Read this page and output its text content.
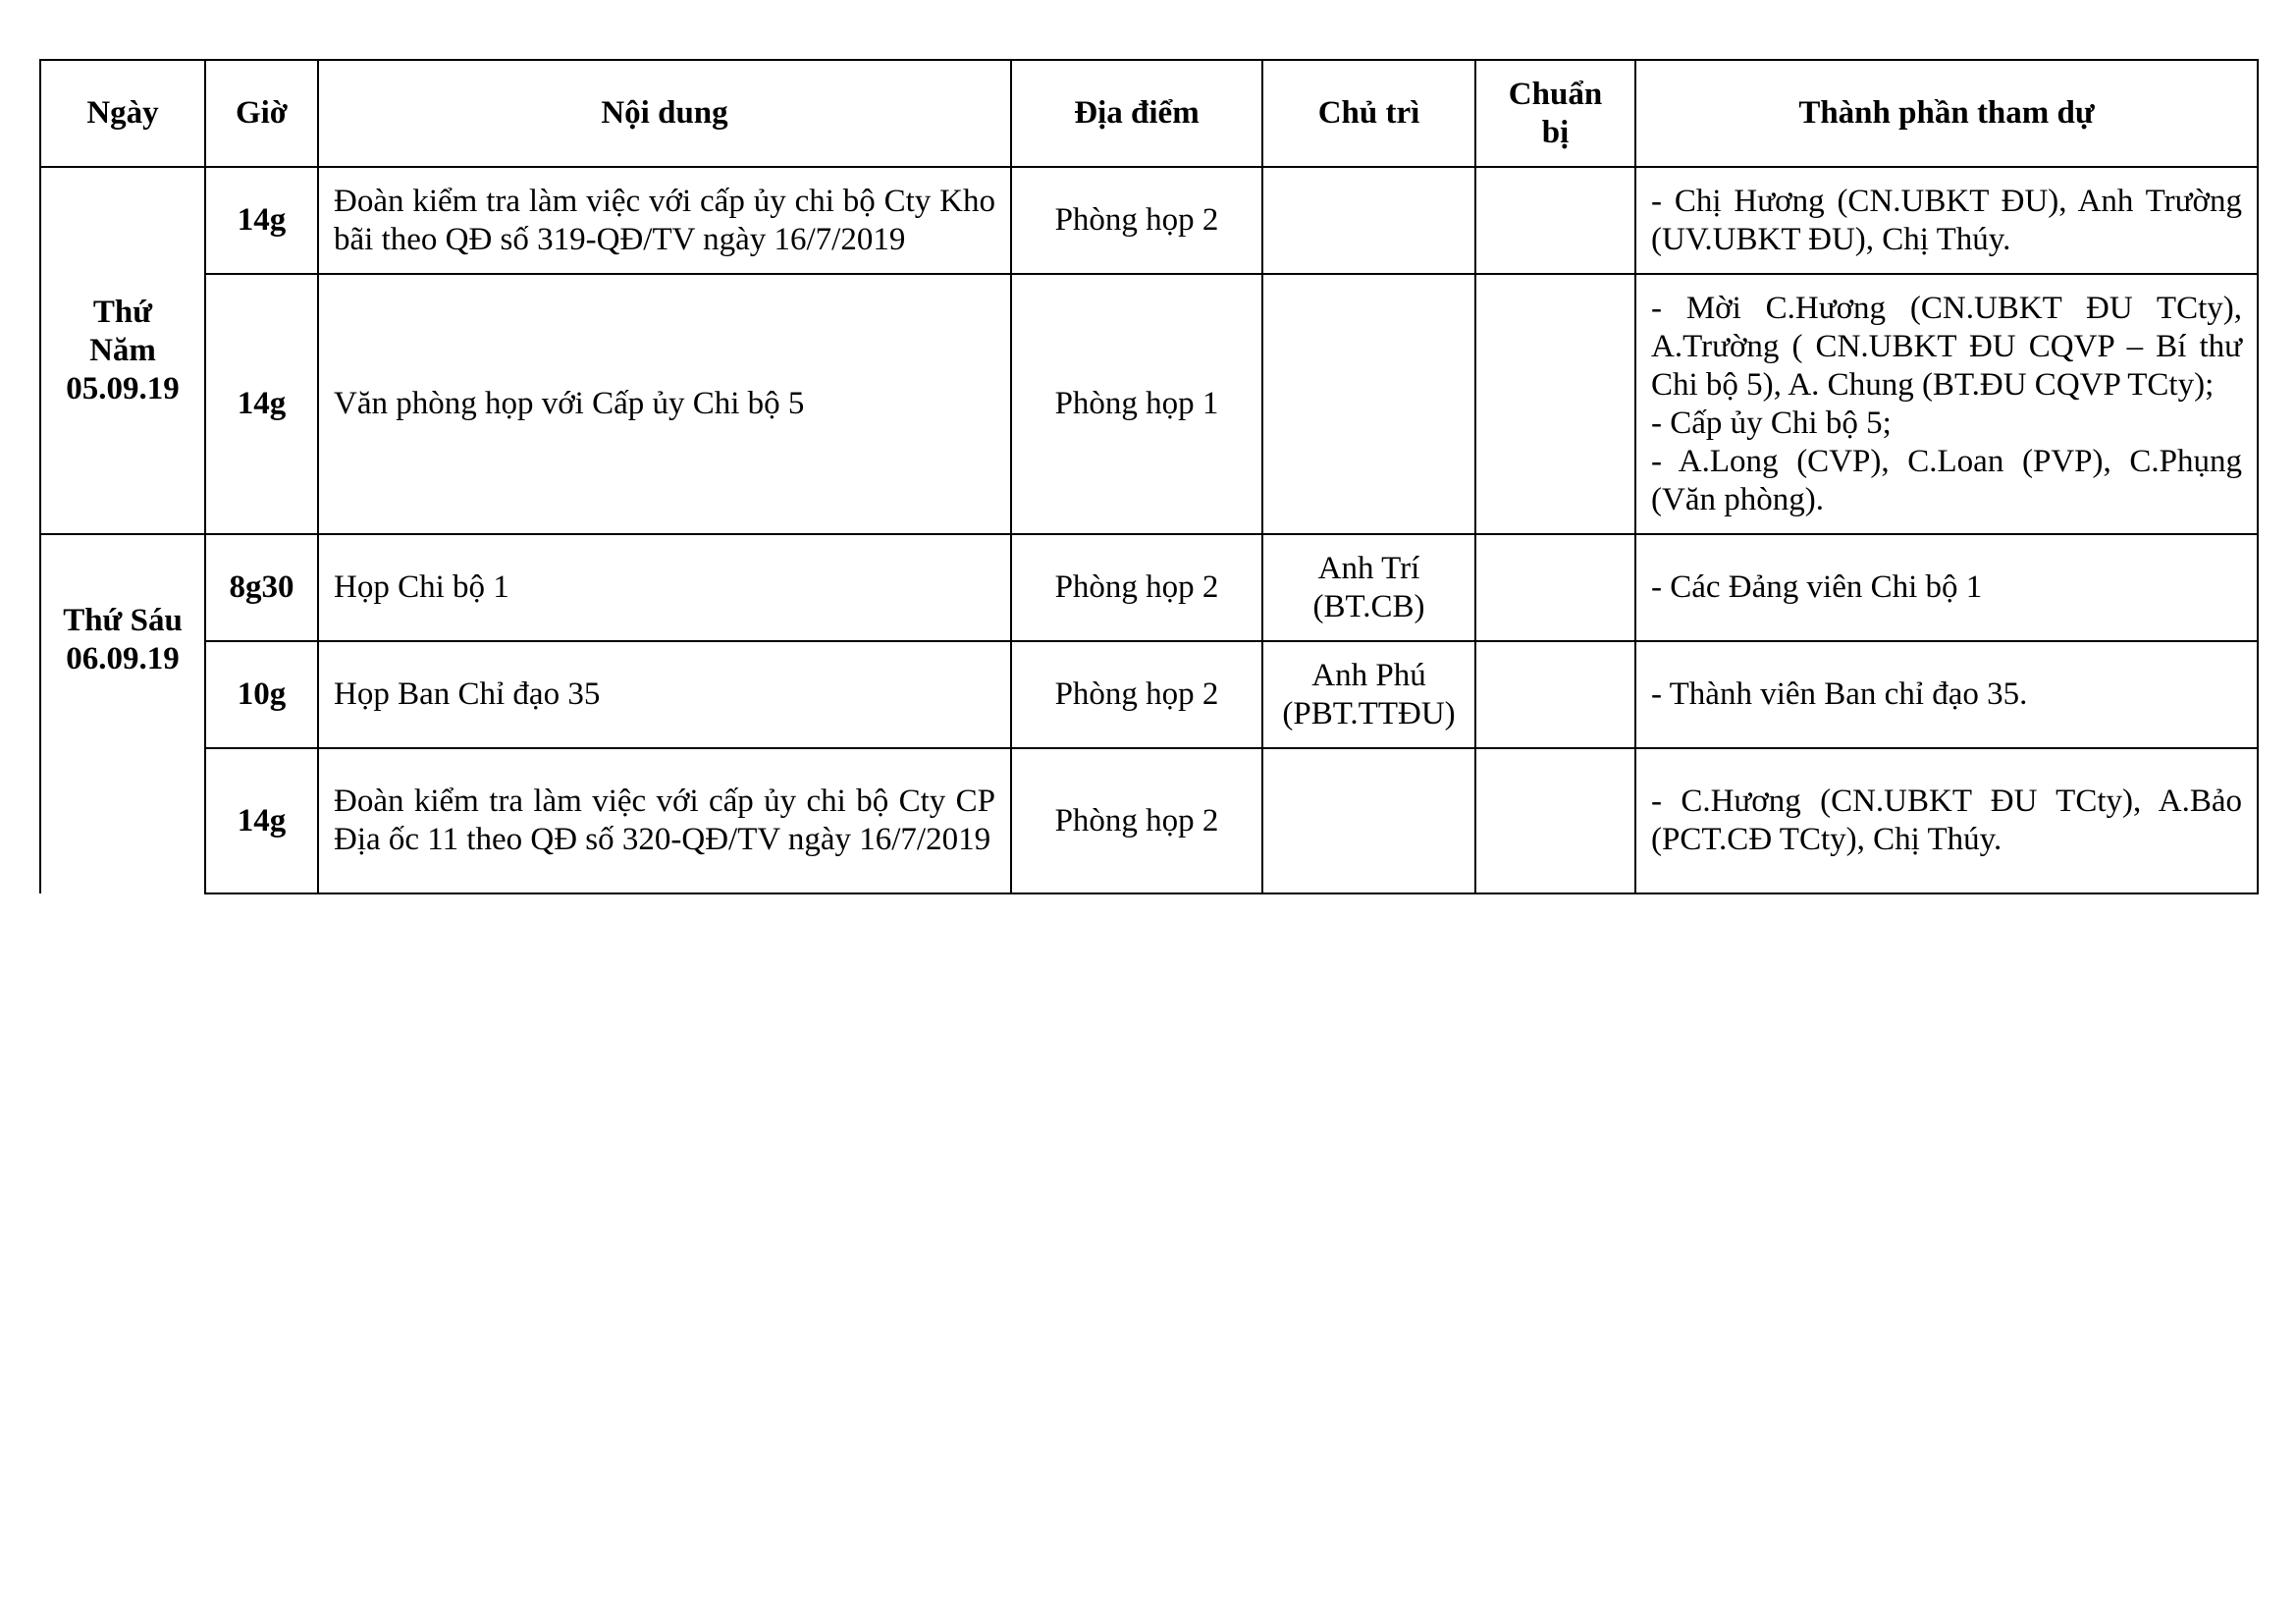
Ngày	Giờ	Nội dung	Địa điểm	Chủ trì	Chuẩn bị	Thành phần tham dự
Thứ Năm 05.09.19	14g	Đoàn kiểm tra làm việc với cấp ủy chi bộ Cty Kho bãi theo QĐ số 319-QĐ/TV ngày 16/7/2019	Phòng họp 2			- Chị Hương (CN.UBKT ĐU), Anh Trường (UV.UBKT ĐU), Chị Thúy.

	14g	Văn phòng họp với Cấp ủy Chi bộ 5	Phòng họp 1			- Mời C.Hương (CN.UBKT ĐU TCty), A.Trường ( CN.UBKT ĐU CQVP – Bí thư Chi bộ 5), A. Chung (BT.ĐU CQVP TCty);
- Cấp ủy Chi bộ 5;
- A.Long (CVP), C.Loan (PVP), C.Phụng (Văn phòng).

Thứ Sáu 06.09.19	8g30	Họp Chi bộ 1	Phòng họp 2	Anh Trí (BT.CB)		- Các Đảng viên Chi bộ 1

	10g	Họp Ban Chỉ đạo 35	Phòng họp 2	Anh Phú (PBT.TTĐU)		- Thành viên Ban chỉ đạo 35.

	14g	Đoàn kiểm tra làm việc với cấp ủy chi bộ Cty CP Địa ốc 11 theo QĐ số 320-QĐ/TV ngày 16/7/2019	Phòng họp 2			- C.Hương (CN.UBKT ĐU TCty), A.Bảo (PCT.CĐ TCty), Chị Thúy.
